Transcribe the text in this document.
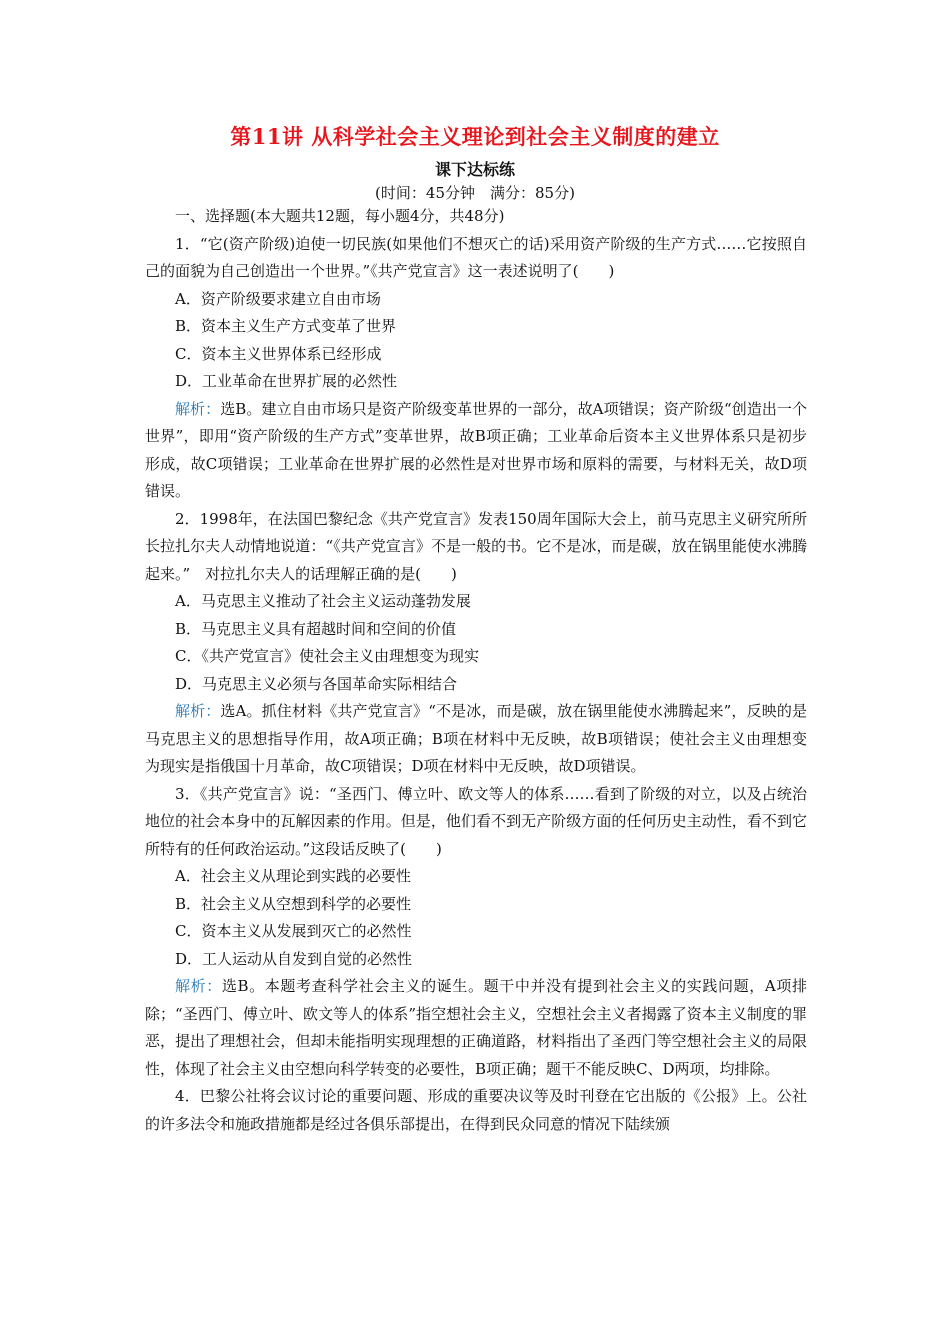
第11讲 从科学社会主义理论到社会主义制度的建立
课下达标练
(时间：45分钟　满分：85分)

一、选择题(本大题共12题，每小题4分，共48分)

1．“它(资产阶级)迫使一切民族(如果他们不想灭亡的话)采用资产阶级的生产方式……它按照自己的面貌为自己创造出一个世界。”《共产党宣言》这一表述说明了(　　)

A．资产阶级要求建立自由市场

B．资本主义生产方式变革了世界

C．资本主义世界体系已经形成

D．工业革命在世界扩展的必然性

解析：选B。建立自由市场只是资产阶级变革世界的一部分，故A项错误；资产阶级“创造出一个世界”，即用“资产阶级的生产方式”变革世界，故B项正确；工业革命后资本主义世界体系只是初步形成，故C项错误；工业革命在世界扩展的必然性是对世界市场和原料的需要，与材料无关，故D项错误。

2．1998年，在法国巴黎纪念《共产党宣言》发表150周年国际大会上，前马克思主义研究所所长拉扎尔夫人动情地说道：“《共产党宣言》不是一般的书。它不是冰，而是碳，放在锅里能使水沸腾起来。”　对拉扎尔夫人的话理解正确的是(　　)

A．马克思主义推动了社会主义运动蓬勃发展

B．马克思主义具有超越时间和空间的价值

C．《共产党宣言》使社会主义由理想变为现实

D．马克思主义必须与各国革命实际相结合

解析：选A。抓住材料《共产党宣言》“不是冰，而是碳，放在锅里能使水沸腾起来”，反映的是马克思主义的思想指导作用，故A项正确；B项在材料中无反映，故B项错误；使社会主义由理想变为现实是指俄国十月革命，故C项错误；D项在材料中无反映，故D项错误。

3．《共产党宣言》说：“圣西门、傅立叶、欧文等人的体系……看到了阶级的对立，以及占统治地位的社会本身中的瓦解因素的作用。但是，他们看不到无产阶级方面的任何历史主动性，看不到它所特有的任何政治运动。”这段话反映了(　　)

A．社会主义从理论到实践的必要性

B．社会主义从空想到科学的必要性

C．资本主义从发展到灭亡的必然性

D．工人运动从自发到自觉的必然性

解析：选B。本题考查科学社会主义的诞生。题干中并没有提到社会主义的实践问题，A项排除；“圣西门、傅立叶、欧文等人的体系”指空想社会主义，空想社会主义者揭露了资本主义制度的罪恶，提出了理想社会，但却未能指明实现理想的正确道路，材料指出了圣西门等空想社会主义的局限性，体现了社会主义由空想向科学转变的必要性，B项正确；题干不能反映C、D两项，均排除。

4．巴黎公社将会议讨论的重要问题、形成的重要决议等及时刊登在它出版的《公报》上。公社的许多法令和施政措施都是经过各俱乐部提出，在得到民众同意的情况下陆续颁
